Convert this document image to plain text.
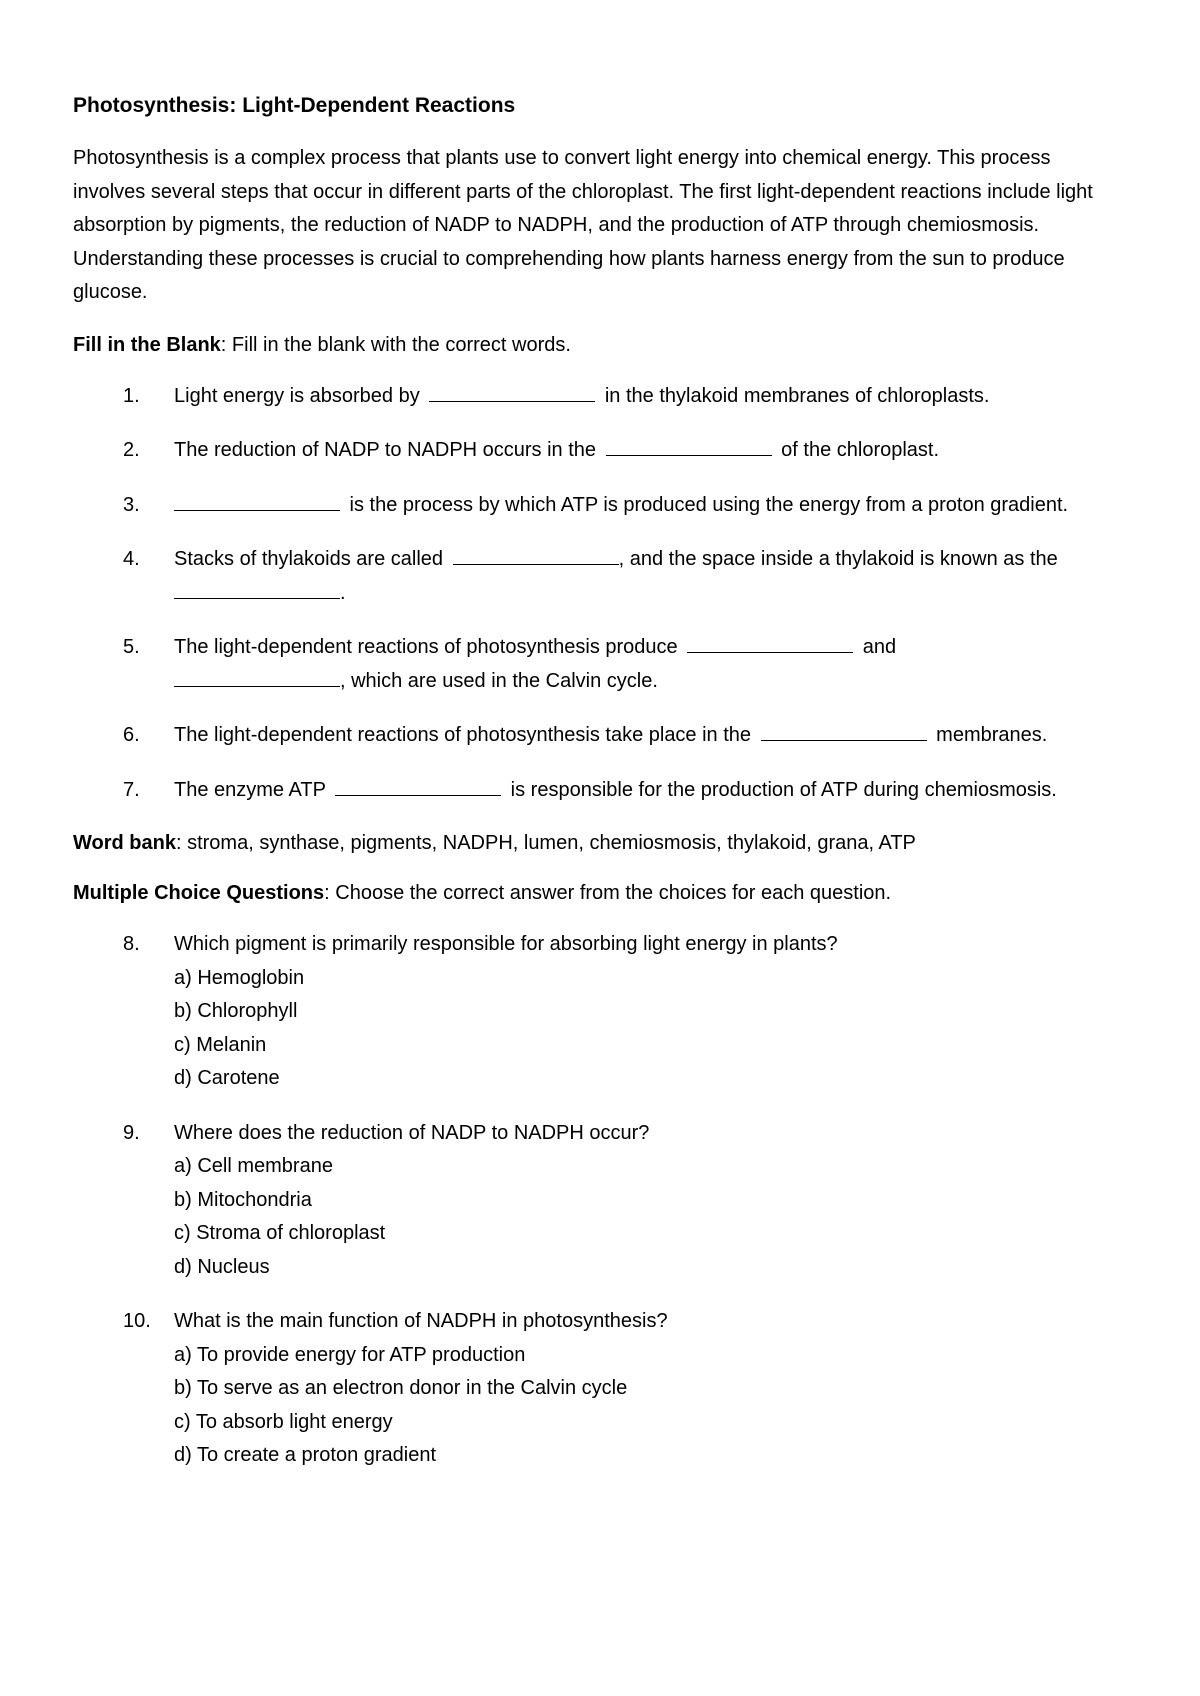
Photosynthesis: Light-Dependent Reactions
Photosynthesis is a complex process that plants use to convert light energy into chemical energy. This process involves several steps that occur in different parts of the chloroplast. The first light-dependent reactions include light absorption by pigments, the reduction of NADP to NADPH, and the production of ATP through chemiosmosis. Understanding these processes is crucial to comprehending how plants harness energy from the sun to produce glucose.
Fill in the Blank: Fill in the blank with the correct words.
1.	Light energy is absorbed by	in the thylakoid membranes of chloroplasts.
2.	The reduction of NADP to NADPH occurs in the	of the chloroplast.
3.	is the process by which ATP is produced using the energy from a proton gradient.
4.	Stacks of thylakoids are called	, and the space inside a thylakoid is known as the .
5.	The light-dependent reactions of photosynthesis produce	and
, which are used in the Calvin cycle.
6.	The light-dependent reactions of photosynthesis take place in the	membranes.
7.	The enzyme ATP	is responsible for the production of ATP during chemiosmosis.
Word bank: stroma, synthase, pigments, NADPH, lumen, chemiosmosis, thylakoid, grana, ATP
Multiple Choice Questions: Choose the correct answer from the choices for each question.
8.	Which pigment is primarily responsible for absorbing light energy in plants?
a) Hemoglobin
b) Chlorophyll
c) Melanin
d) Carotene
9.	Where does the reduction of NADP to NADPH occur?
a) Cell membrane
b) Mitochondria
c) Stroma of chloroplast
d) Nucleus
10.	What is the main function of NADPH in photosynthesis?
a) To provide energy for ATP production
b) To serve as an electron donor in the Calvin cycle
c) To absorb light energy
d) To create a proton gradient
